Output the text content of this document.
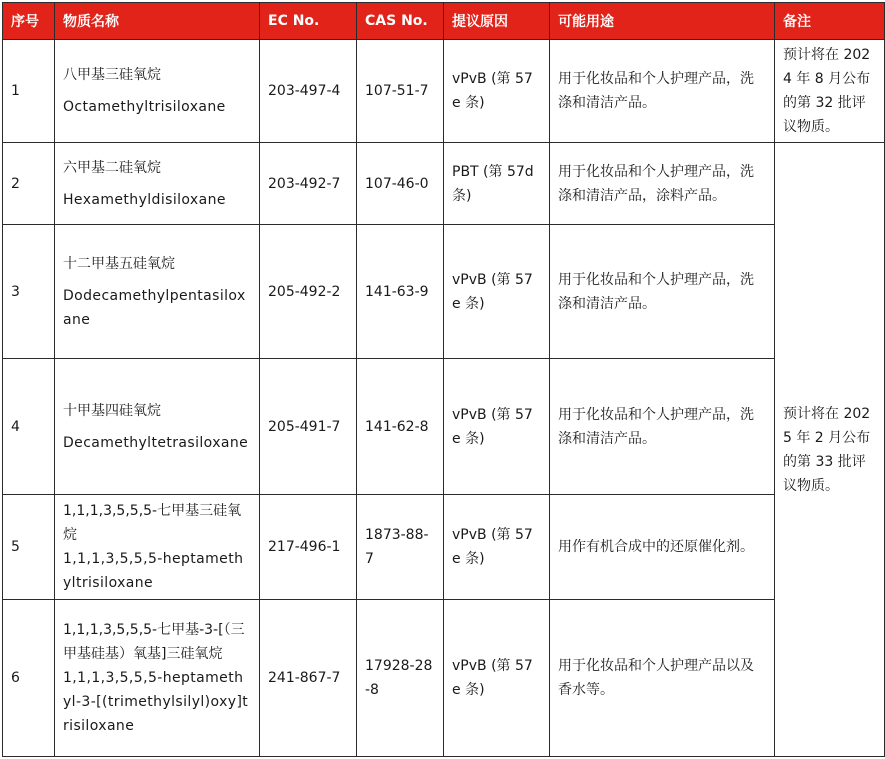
序号	物质名称	EC No.	CAS No.	提议原因	可能用途	备注
1	八甲基三硅氧烷
Octamethyltrisiloxane	203-497-4	107-51-7	vPvB (第 57e 条)	用于化妆品和个人护理产品，洗涤和清洁产品。	预计将在 2024 年 8 月公布的第 32 批评议物质。
2	六甲基二硅氧烷
Hexamethyldisiloxane	203-492-7	107-46-0	PBT (第 57d 条)	用于化妆品和个人护理产品，洗涤和清洁产品，涂料产品。	预计将在 2025 年 2 月公布的第 33 批评议物质。
3	十二甲基五硅氧烷
Dodecamethylpentasiloxane	205-492-2	141-63-9	vPvB (第 57e 条)	用于化妆品和个人护理产品，洗涤和清洁产品。	
4	十甲基四硅氧烷
Decamethyltetrasiloxane	205-491-7	141-62-8	vPvB (第 57e 条)	用于化妆品和个人护理产品，洗涤和清洁产品。	
5	1,1,1,3,5,5,5-七甲基三硅氧烷
1,1,1,3,5,5,5-heptamethyltrisiloxane	217-496-1	1873-88-7	vPvB (第 57e 条)	用作有机合成中的还原催化剂。	
6	1,1,1,3,5,5,5-七甲基-3-[（三甲基硅基）氧基]三硅氧烷
1,1,1,3,5,5,5-heptamethyl-3-[(trimethylsilyl)oxy]trisiloxane	241-867-7	17928-28-8	vPvB (第 57e 条)	用于化妆品和个人护理产品以及香水等。	
